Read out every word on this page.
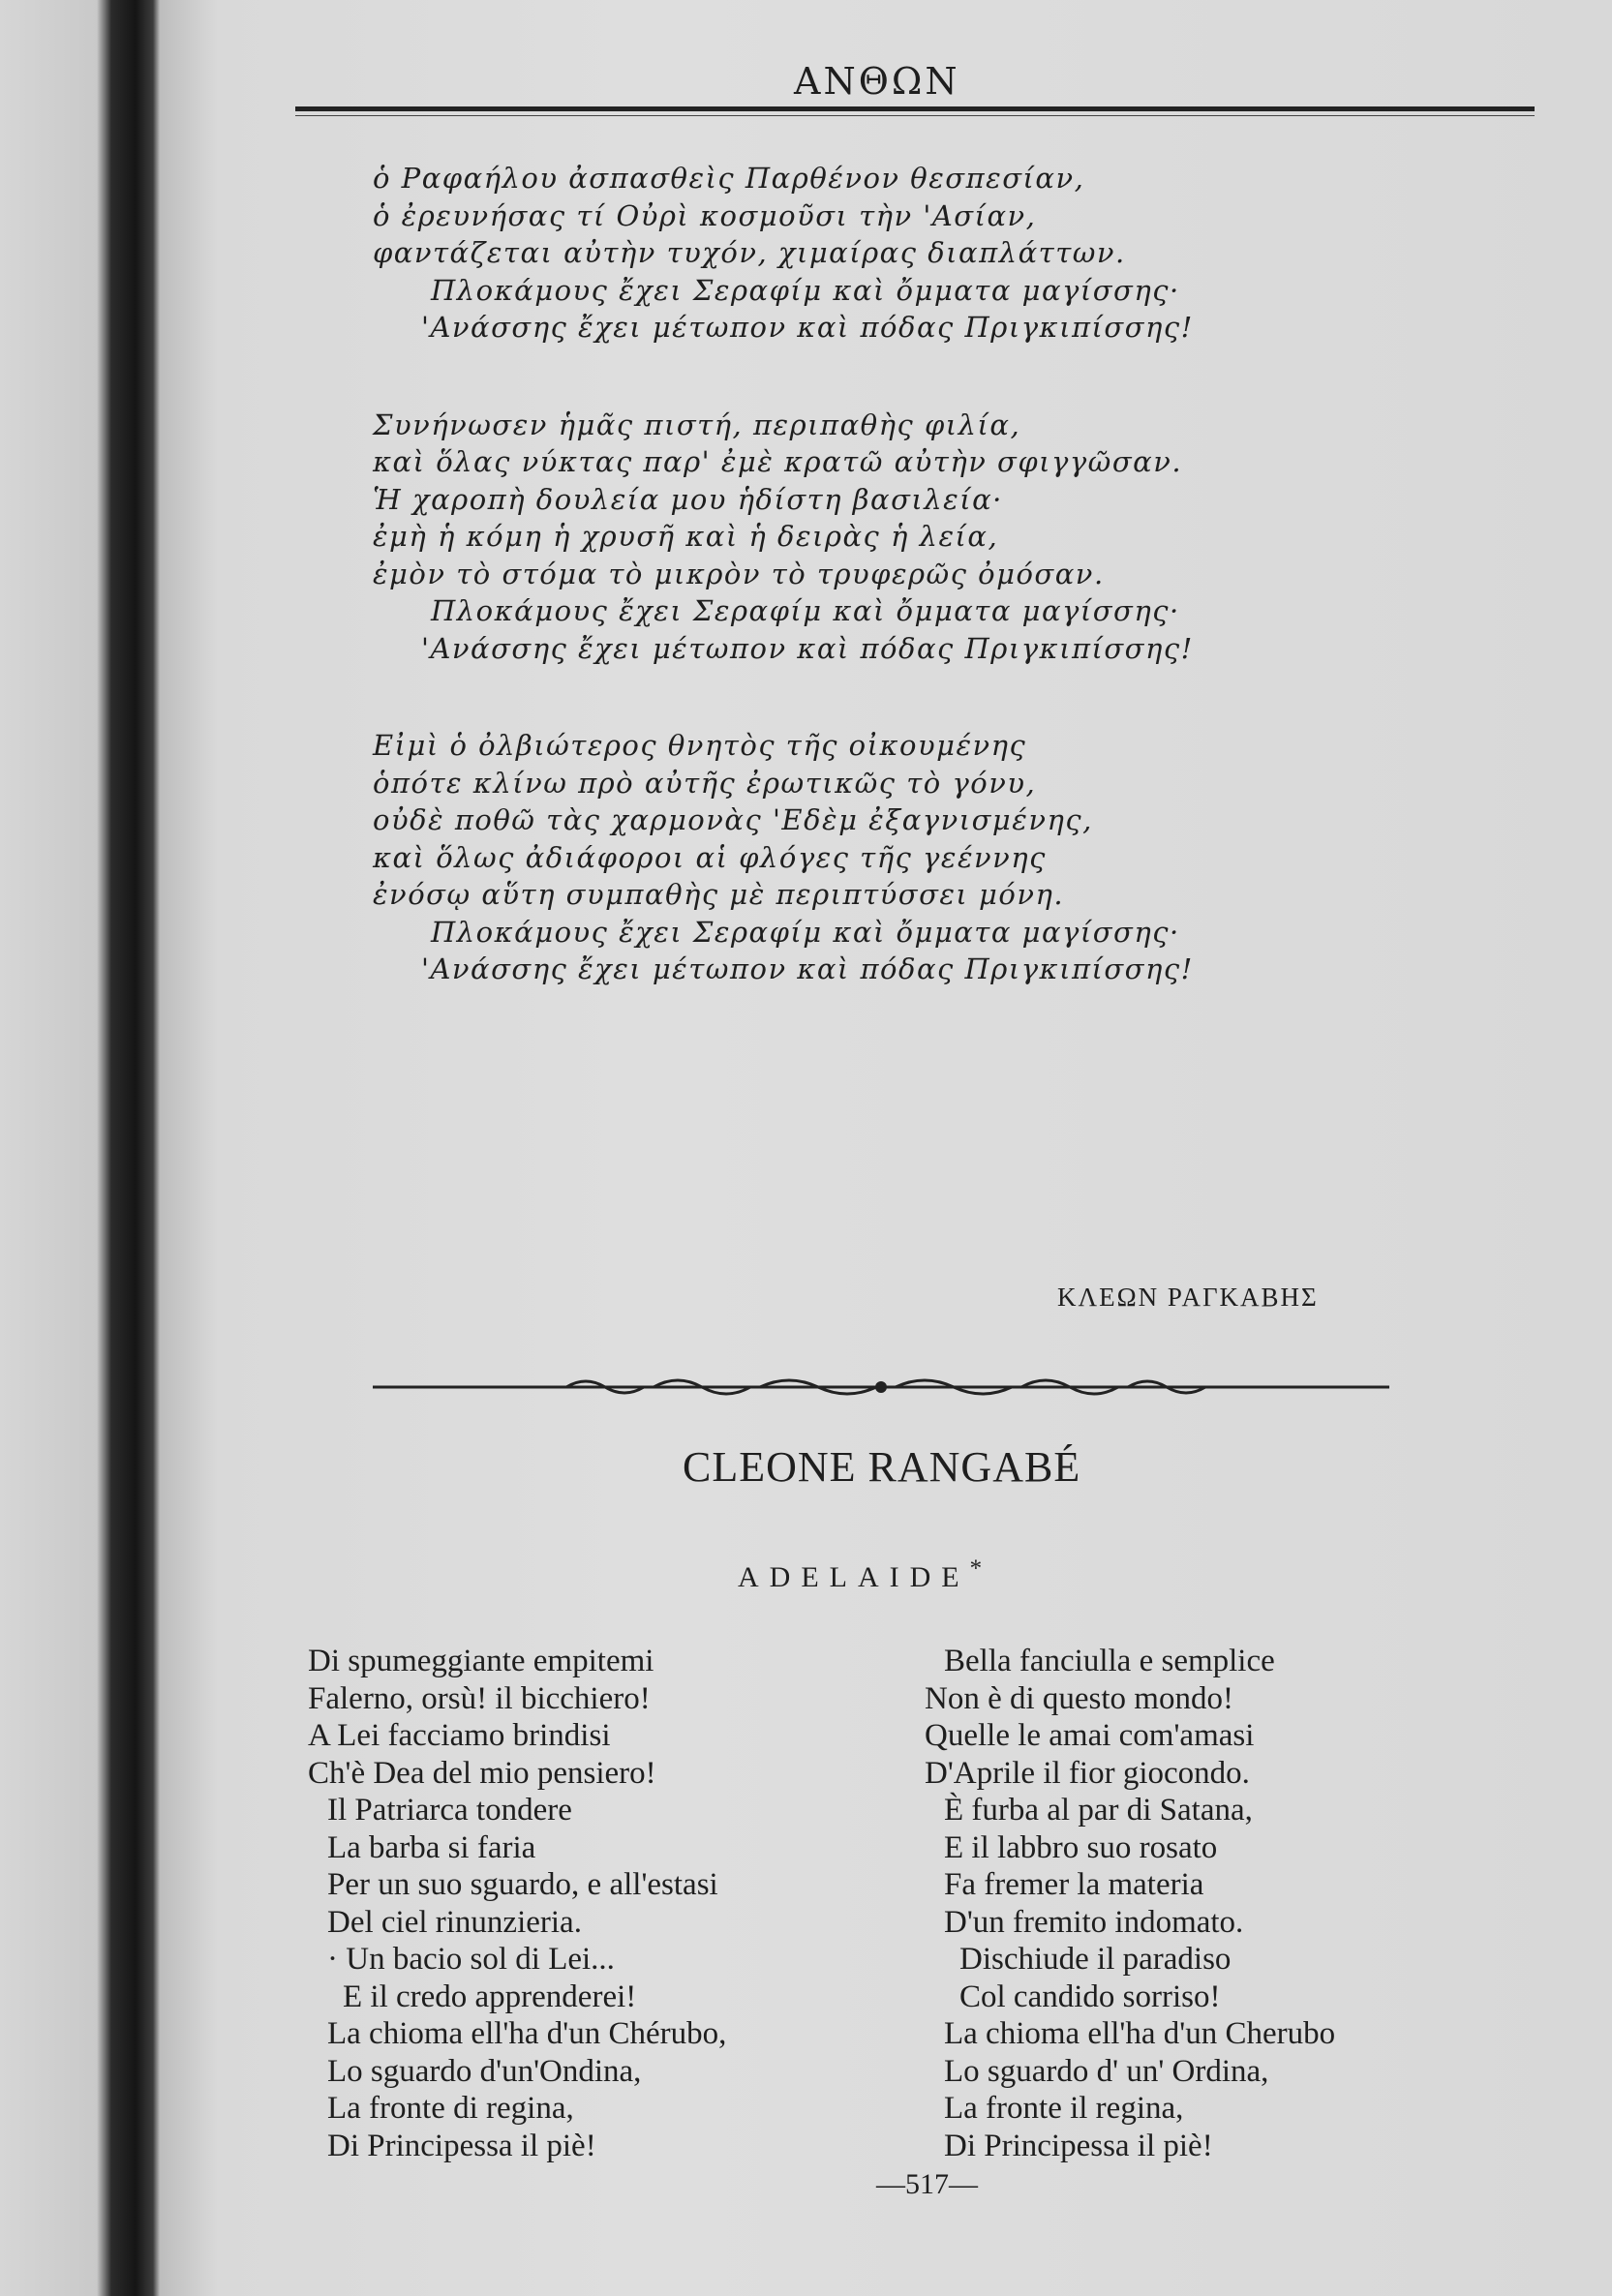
ΑΝΘΩΝ
ὁ Ραφαήλου ἀσπασθεὶς Παρθένον θεσπεσίαν,
ὁ ἐρευνήσας τί Οὐρὶ κοσμοῦσι τὴν 'Ασίαν,
φαντάζεται αὐτὴν τυχόν, χιμαίρας διαπλάττων.
Πλοκάμους ἔχει Σεραφίμ καὶ ὄμματα μαγίσσης·
'Ανάσσης ἔχει μέτωπον καὶ πόδας Πριγκιπίσσης!
Συνήνωσεν ἡμᾶς πιστή, περιπαθὴς φιλία,
καὶ ὅλας νύκτας παρ' ἐμὲ κρατῶ αὐτὴν σφιγγῶσαν.
Ἡ χαροπὴ δουλεία μου ἡδίστη βασιλεία·
ἐμὴ ἡ κόμη ἡ χρυσῆ καὶ ἡ δειρὰς ἡ λεία,
ἐμὸν τὸ στόμα τὸ μικρὸν τὸ τρυφερῶς ὀμόσαν.
Πλοκάμους ἔχει Σεραφίμ καὶ ὄμματα μαγίσσης·
'Ανάσσης ἔχει μέτωπον καὶ πόδας Πριγκιπίσσης!
Εἰμὶ ὁ ὀλβιώτερος θνητὸς τῆς οἰκουμένης
ὁπότε κλίνω πρὸ αὐτῆς ἐρωτικῶς τὸ γόνυ,
οὐδὲ ποθῶ τὰς χαρμονὰς 'Εδὲμ ἐξαγνισμένης,
καὶ ὅλως ἀδιάφοροι αἱ φλόγες τῆς γεέννης
ἐνόσῳ αὕτη συμπαθὴς μὲ περιπτύσσει μόνη.
Πλοκάμους ἔχει Σεραφίμ καὶ ὄμματα μαγίσσης·
'Ανάσσης ἔχει μέτωπον καὶ πόδας Πριγκιπίσσης!
ΚΛΕΩΝ ΡΑΓΚΑΒΗΣ
CLEONE RANGABÉ
ADELAIDE*
Di spumeggiante empitemi
Falerno, orsù! il bicchiero!
A Lei facciamo brindisi
Ch'è Dea del mio pensiero!
Il Patriarca tondere
La barba si faria
Per un suo sguardo, e all'estasi
Del ciel rinunzieria.
· Un bacio sol di Lei...
E il credo apprenderei!
La chioma ell'ha d'un Chérubo,
Lo sguardo d'un'Ondina,
La fronte di regina,
Di Principessa il piè!
Bella fanciulla e semplice
Non è di questo mondo!
Quelle le amai com'amasi
D'Aprile il fior giocondo.
È furba al par di Satana,
E il labbro suo rosato
Fa fremer la materia
D'un fremito indomato.
Dischiude il paradiso
Col candido sorriso!
La chioma ell'ha d'un Cherubo
Lo sguardo d' un' Ordina,
La fronte il regina,
Di Principessa il piè!
—517—
